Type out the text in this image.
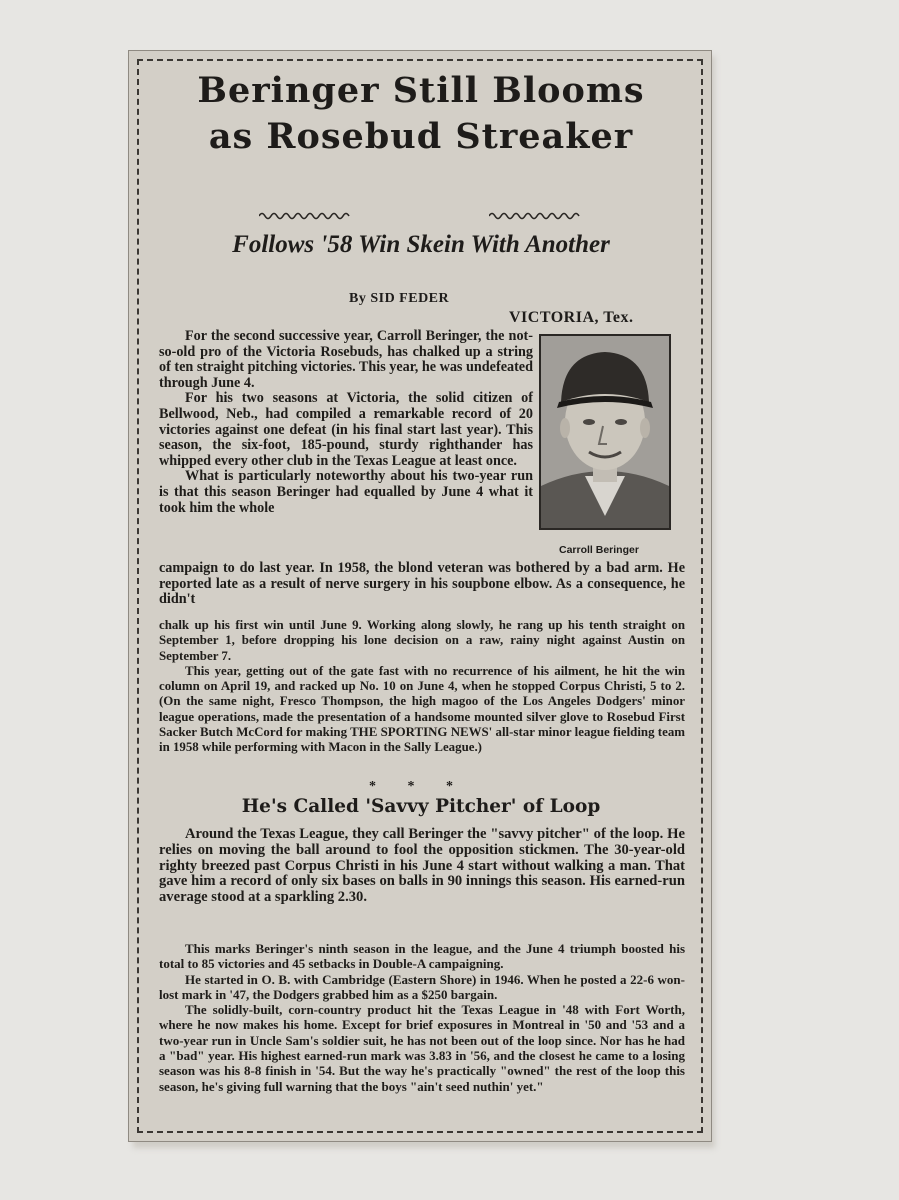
Beringer Still Blooms
as Rosebud Streaker
Follows '58 Win Skein With Another
By SID FEDER
VICTORIA, Tex.
Carroll Beringer

For the second successive year, Carroll Beringer, the not-so-old pro of the Victoria Rosebuds, has chalked up a string of ten straight pitching victories. This year, he was undefeated through June 4.

For his two seasons at Victoria, the solid citizen of Bellwood, Neb., had compiled a remarkable record of 20 victories against one defeat (in his final start last year). This season, the six-foot, 185-pound, sturdy righthander has whipped every other club in the Texas League at least once.

What is particularly noteworthy about his two-year run is that this season Beringer had equalled by June 4 what it took him the whole

campaign to do last year. In 1958, the blond veteran was bothered by a bad arm. He reported late as a result of nerve surgery in his soupbone elbow. As a consequence, he didn't

chalk up his first win until June 9. Working along slowly, he rang up his tenth straight on September 1, before dropping his lone decision on a raw, rainy night against Austin on September 7.

This year, getting out of the gate fast with no recurrence of his ailment, he hit the win column on April 19, and racked up No. 10 on June 4, when he stopped Corpus Christi, 5 to 2. (On the same night, Fresco Thompson, the high magoo of the Los Angeles Dodgers' minor league operations, made the presentation of a handsome mounted silver glove to Rosebud First Sacker Butch McCord for making THE SPORTING NEWS' all-star minor league fielding team in 1958 while performing with Macon in the Sally League.)

* * *
He's Called 'Savvy Pitcher' of Loop

Around the Texas League, they call Beringer the "savvy pitcher" of the loop. He relies on moving the ball around to fool the opposition stickmen. The 30-year-old righty breezed past Corpus Christi in his June 4 start without walking a man. That gave him a record of only six bases on balls in 90 innings this season. His earned-run average stood at a sparkling 2.30.

This marks Beringer's ninth season in the league, and the June 4 triumph boosted his total to 85 victories and 45 setbacks in Double-A campaigning.

He started in O. B. with Cambridge (Eastern Shore) in 1946. When he posted a 22-6 won-lost mark in '47, the Dodgers grabbed him as a $250 bargain.

The solidly-built, corn-country product hit the Texas League in '48 with Fort Worth, where he now makes his home. Except for brief exposures in Montreal in '50 and '53 and a two-year run in Uncle Sam's soldier suit, he has not been out of the loop since. Nor has he had a "bad" year. His highest earned-run mark was 3.83 in '56, and the closest he came to a losing season was his 8-8 finish in '54. But the way he's practically "owned" the rest of the loop this season, he's giving full warning that the boys "ain't seed nuthin' yet."
